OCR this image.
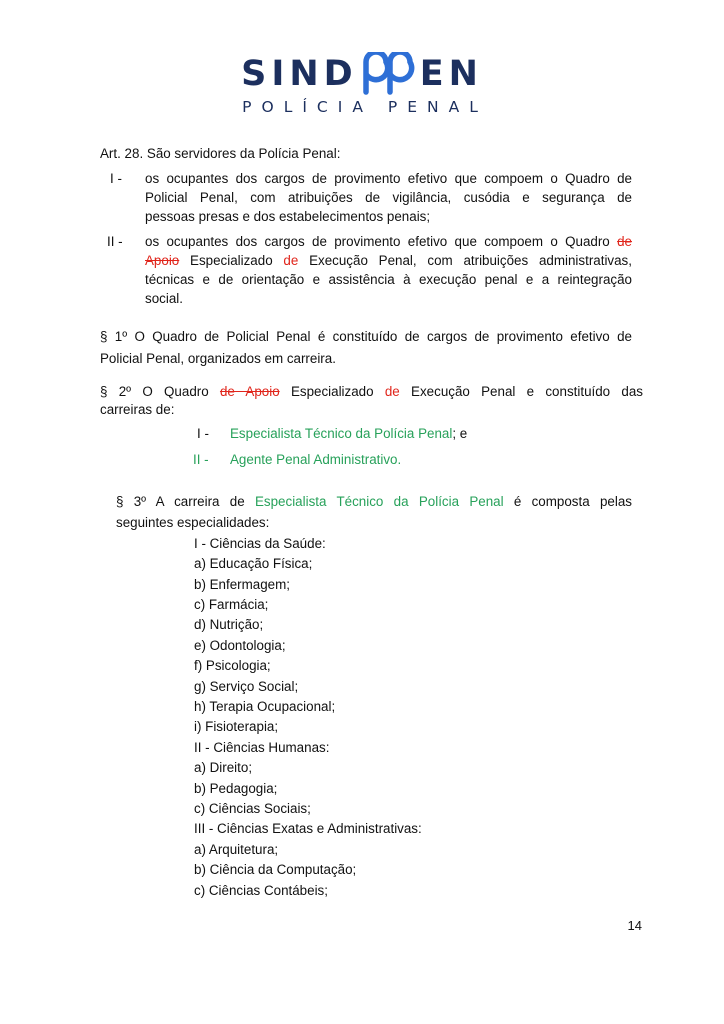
SIND EN
POLÍCIA PENAL
Art. 28. São servidores da Polícia Penal:
I - os ocupantes dos cargos de provimento efetivo que compoem o Quadro de
Policial Penal, com atribuições de vigilância, cusódia e segurança de
pessoas presas e dos estabelecimentos penais;
II - os ocupantes dos cargos de provimento efetivo que compoem o Quadro de
Apoio Especializado de Execução Penal, com atribuições administrativas,
técnicas e de orientação e assistência à execução penal e a reintegração
social.
§ 1º O Quadro de Policial Penal é constituído de cargos de provimento efetivo de
Policial Penal, organizados em carreira.
§ 2º O Quadro de Apoio Especializado de Execução Penal e constituído das
carreiras de:
I - Especialista Técnico da Polícia Penal; e
II - Agente Penal Administrativo.
§ 3º A carreira de Especialista Técnico da Polícia Penal é composta pelas
seguintes especialidades:
I - Ciências da Saúde:
a) Educação Física;
b) Enfermagem;
c) Farmácia;
d) Nutrição;
e) Odontologia;
f) Psicologia;
g) Serviço Social;
h) Terapia Ocupacional;
i) Fisioterapia;
II - Ciências Humanas:
a) Direito;
b) Pedagogia;
c) Ciências Sociais;
III - Ciências Exatas e Administrativas:
a) Arquitetura;
b) Ciência da Computação;
c) Ciências Contábeis;
14
